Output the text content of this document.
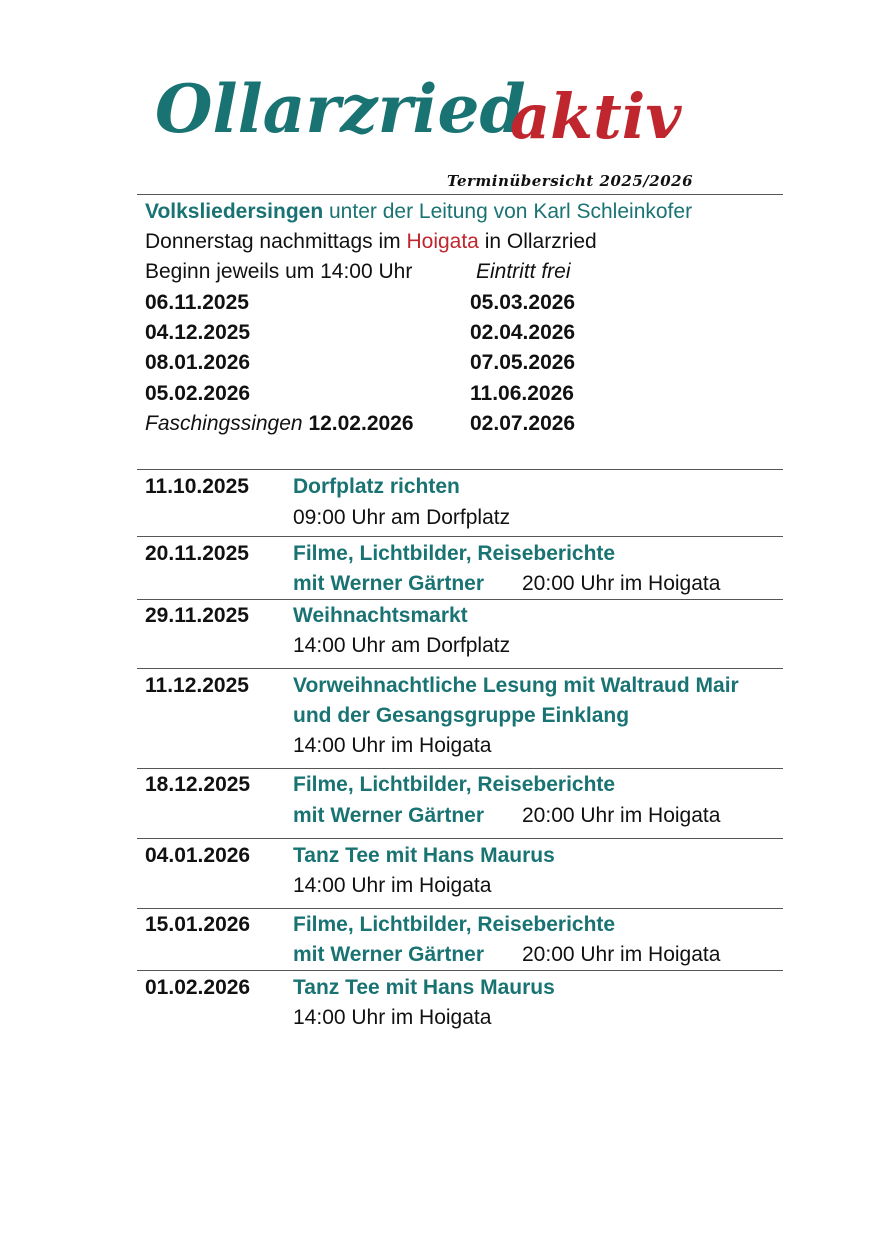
Ollarzried
aktiv
Terminübersicht 2025/2026
Volksliedersingen unter der Leitung von Karl Schleinkofer
Donnerstag nachmittags im Hoigata in Ollarzried
Beginn jeweils um 14:00 Uhr	Eintritt frei
06.11.2025
04.12.2025
08.01.2026
05.02.2026
Faschingssingen 12.02.2026
05.03.2026
02.04.2026
07.05.2026
11.06.2026
02.07.2026
11.10.2025 Dorfplatz richten
09:00 Uhr am Dorfplatz
20.11.2025 Filme, Lichtbilder, Reiseberichte
mit Werner Gärtner 20:00 Uhr im Hoigata
29.11.2025 Weihnachtsmarkt
14:00 Uhr am Dorfplatz
11.12.2025 Vorweihnachtliche Lesung mit Waltraud Mair
und der Gesangsgruppe Einklang
14:00 Uhr im Hoigata
18.12.2025 Filme, Lichtbilder, Reiseberichte
mit Werner Gärtner 20:00 Uhr im Hoigata
04.01.2026 Tanz Tee mit Hans Maurus
14:00 Uhr im Hoigata
15.01.2026 Filme, Lichtbilder, Reiseberichte
mit Werner Gärtner 20:00 Uhr im Hoigata
01.02.2026 Tanz Tee mit Hans Maurus
14:00 Uhr im Hoigata
